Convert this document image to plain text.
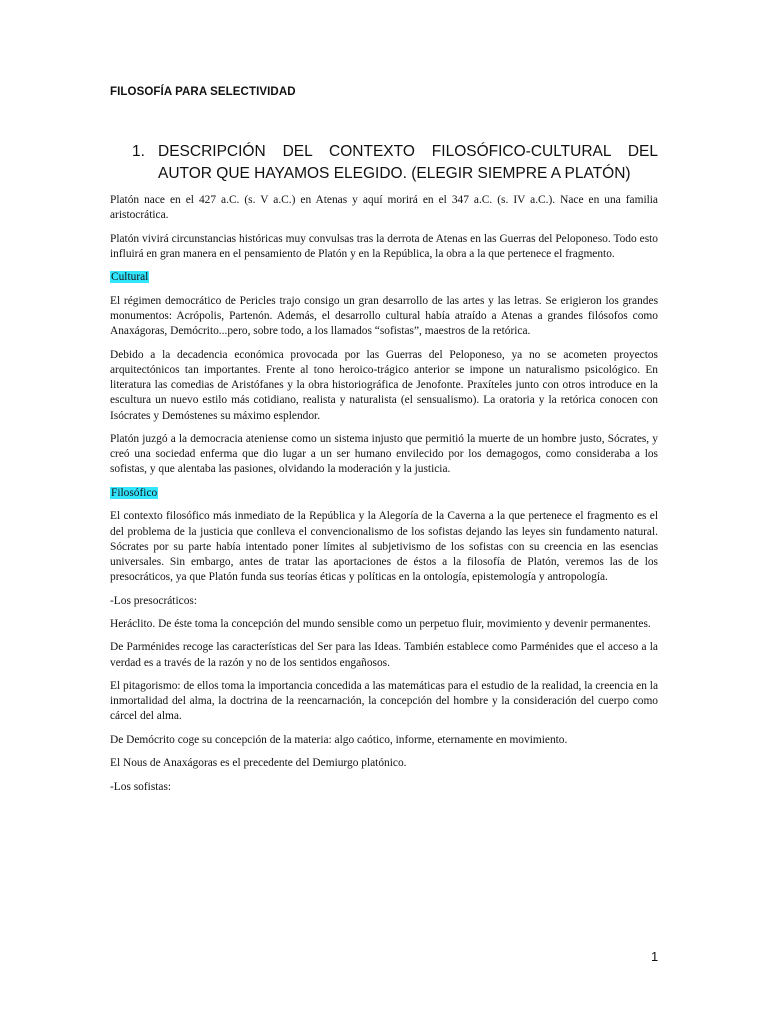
FILOSOFÍA PARA SELECTIVIDAD
1. DESCRIPCIÓN DEL CONTEXTO FILOSÓFICO-CULTURAL DEL AUTOR QUE HAYAMOS ELEGIDO. (ELEGIR SIEMPRE A PLATÓN)

Platón nace en el 427 a.C. (s. V a.C.) en Atenas y aquí morirá en el 347 a.C. (s. IV a.C.). Nace en una familia aristocrática.

Platón vivirá circunstancias históricas muy convulsas tras la derrota de Atenas en las Guerras del Peloponeso. Todo esto influirá en gran manera en el pensamiento de Platón y en la República, la obra a la que pertenece el fragmento.

Cultural

El régimen democrático de Pericles trajo consigo un gran desarrollo de las artes y las letras. Se erigieron los grandes monumentos: Acrópolis, Partenón. Además, el desarrollo cultural había atraído a Atenas a grandes filósofos como Anaxágoras, Demócrito...pero, sobre todo, a los llamados “sofistas”, maestros de la retórica.

Debido a la decadencia económica provocada por las Guerras del Peloponeso, ya no se acometen proyectos arquitectónicos tan importantes. Frente al tono heroico-trágico anterior se impone un naturalismo psicológico. En literatura las comedias de Aristófanes y la obra historiográfica de Jenofonte. Praxíteles junto con otros introduce en la escultura un nuevo estilo más cotidiano, realista y naturalista (el sensualismo). La oratoria y la retórica conocen con Isócrates y Demóstenes su máximo esplendor.

Platón juzgó a la democracia ateniense como un sistema injusto que permitió la muerte de un hombre justo, Sócrates, y creó una sociedad enferma que dio lugar a un ser humano envilecido por los demagogos, como consideraba a los sofistas, y que alentaba las pasiones, olvidando la moderación y la justicia.

Filosófico

El contexto filosófico más inmediato de la República y la Alegoría de la Caverna a la que pertenece el fragmento es el del problema de la justicia que conlleva el convencionalismo de los sofistas dejando las leyes sin fundamento natural. Sócrates por su parte había intentado poner límites al subjetivismo de los sofistas con su creencia en las esencias universales. Sin embargo, antes de tratar las aportaciones de éstos a la filosofía de Platón, veremos las de los presocráticos, ya que Platón funda sus teorías éticas y políticas en la ontología, epistemología y antropología.

-Los presocráticos:

Heráclito. De éste toma la concepción del mundo sensible como un perpetuo fluir, movimiento y devenir permanentes.

De Parménides recoge las características del Ser para las Ideas. También establece como Parménides que el acceso a la verdad es a través de la razón y no de los sentidos engañosos.

El pitagorismo: de ellos toma la importancia concedida a las matemáticas para el estudio de la realidad, la creencia en la inmortalidad del alma, la doctrina de la reencarnación, la concepción del hombre y la consideración del cuerpo como cárcel del alma.

De Demócrito coge su concepción de la materia: algo caótico, informe, eternamente en movimiento.

El Nous de Anaxágoras es el precedente del Demiurgo platónico.

-Los sofistas:

1
